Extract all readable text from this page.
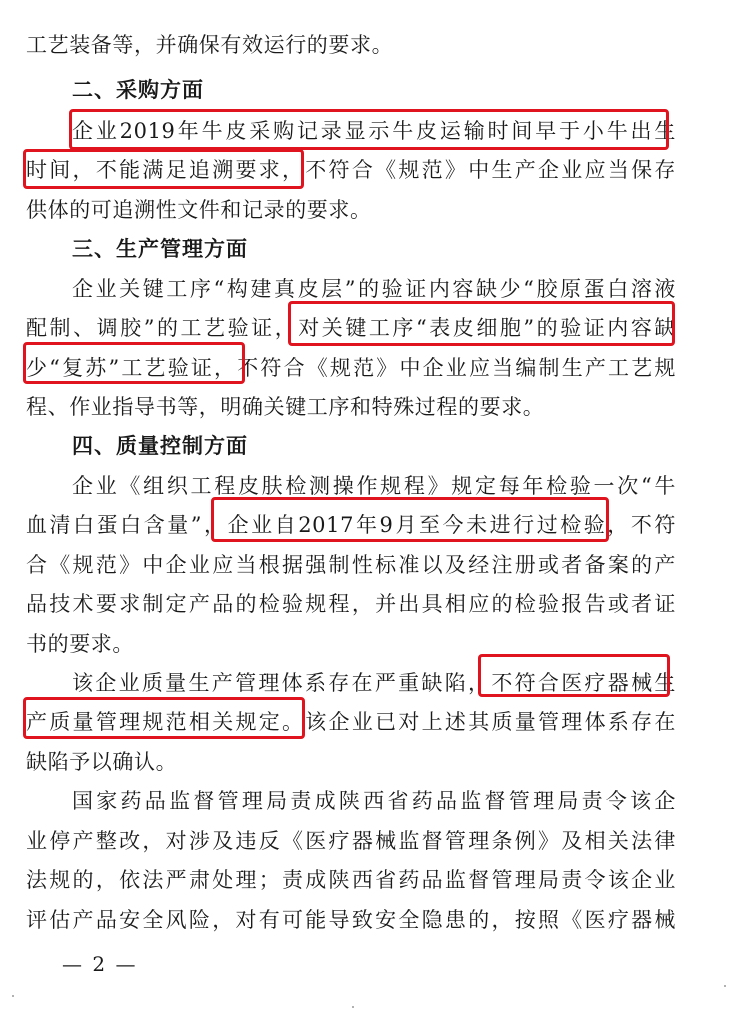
工艺装备等，并确保有效运行的要求。
二、采购方面
企业2019年牛皮采购记录显示牛皮运输时间早于小牛出生
时间，不能满足追溯要求，不符合《规范》中生产企业应当保存
供体的可追溯性文件和记录的要求。
三、生产管理方面
企业关键工序“构建真皮层”的验证内容缺少“胶原蛋白溶液
配制、调胶”的工艺验证，对关键工序“表皮细胞”的验证内容缺
少“复苏”工艺验证，不符合《规范》中企业应当编制生产工艺规
程、作业指导书等，明确关键工序和特殊过程的要求。
四、质量控制方面
企业《组织工程皮肤检测操作规程》规定每年检验一次“牛
血清白蛋白含量”，企业自2017年9月至今未进行过检验，不符
合《规范》中企业应当根据强制性标准以及经注册或者备案的产
品技术要求制定产品的检验规程，并出具相应的检验报告或者证
书的要求。
该企业质量生产管理体系存在严重缺陷，不符合医疗器械生
产质量管理规范相关规定。该企业已对上述其质量管理体系存在
缺陷予以确认。
国家药品监督管理局责成陕西省药品监督管理局责令该企
业停产整改，对涉及违反《医疗器械监督管理条例》及相关法律
法规的，依法严肃处理；责成陕西省药品监督管理局责令该企业
评估产品安全风险，对有可能导致安全隐患的，按照《医疗器械
— 2 —
